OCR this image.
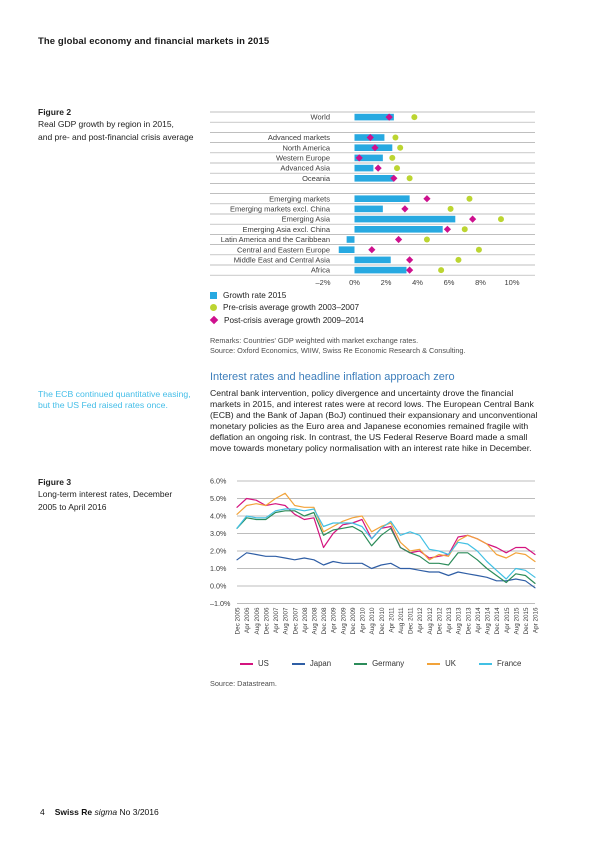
The global economy and financial markets in 2015
Figure 2
Real GDP growth by region in 2015,
and pre- and post-financial crisis average
World
Advanced markets
North America
Western Europe
Advanced Asia
Oceania
Emerging markets
Emerging markets excl. China
Emerging Asia
Emerging Asia excl. China
Latin America and the Caribbean
Central and Eastern Europe
Middle East and Central Asia
Africa
–2% 0%	2%	4%	6%	8% 10%
Growth rate 2015
Pre-crisis average growth 2003–2007
Post-crisis average growth 2009–2014
Remarks: Countries' GDP weighted with market exchange rates.
Source: Oxford Economics, WIIW, Swiss Re Economic Research & Consulting.
Interest rates and headline inflation approach zero
Central bank intervention, policy divergence and uncertainty drove the financial markets in 2015, and interest rates were at record lows. The European Central Bank (ECB) and the Bank of Japan (BoJ) continued their expansionary and unconventional monetary policies as the Euro area and Japanese economies remained fragile with deflation an ongoing risk. In contrast, the US Federal Reserve Board made a small move towards monetary policy normalisation with an interest rate hike in December.
The ECB continued quantitative easing,
but the US Fed raised rates once.
Figure 3
Long-term interest rates, December
2005 to April 2016
6.0%
5.0%
4.0%
3.0%
2.0%
1.0%
0.0%
–1.0%
Dec 2005 Apr 2006 Aug 2006 Dec 2006 Apr 2007 Aug 2007 Dec 2007 Apr 2008 Aug 2008 Dec 2008 Apr 2009 Aug 2009 Dec 2009 Apr 2010 Aug 2010 Dec 2010 Apr 2011 Aug 2011 Dec 2011 Apr 2012 Aug 2012 Dec 2012 Apr 2013 Aug 2013 Dec 2013 Apr 2014 Aug 2014 Dec 2014 Apr 2015 Aug 2015 Dec 2015 Apr 2016
US	Japan	Germany	UK	France
Source: Datastream.
4 Swiss Re sigma No 3/2016
